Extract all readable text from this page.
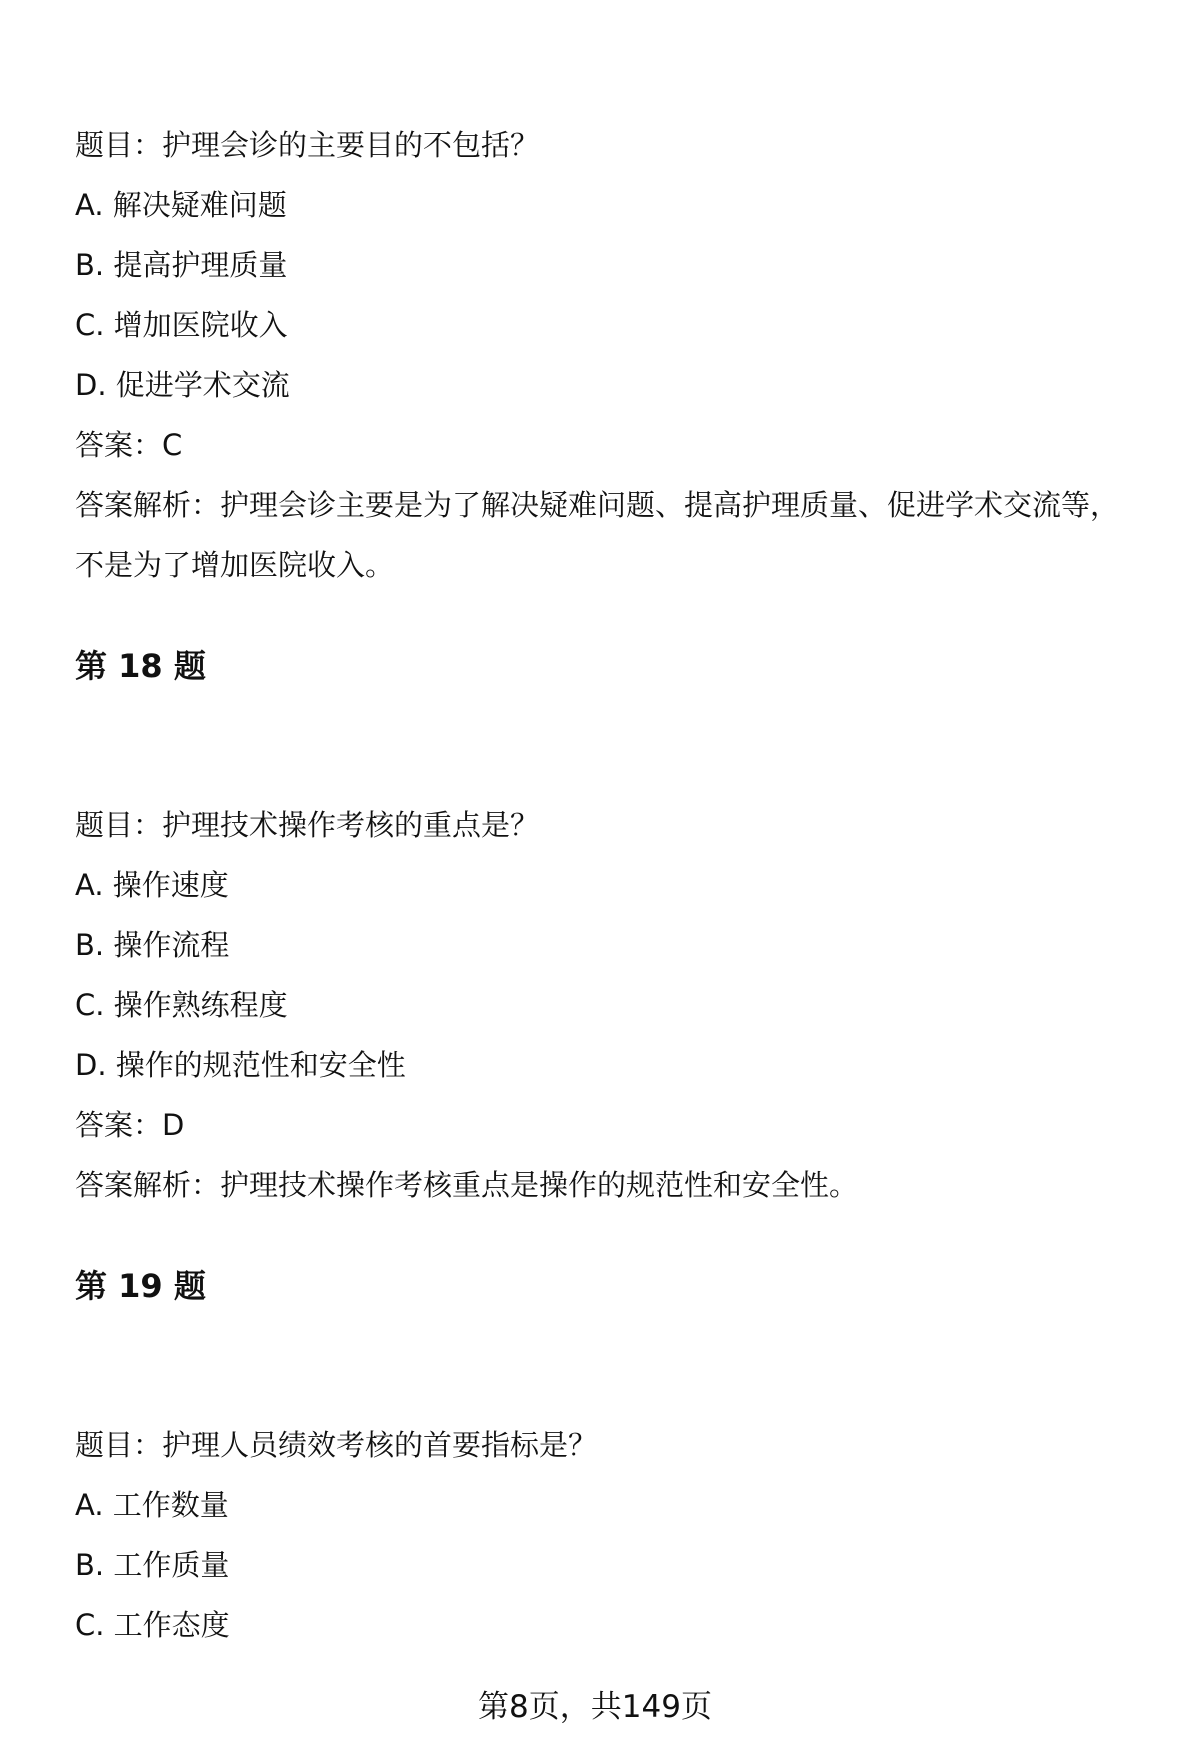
题目：护理会诊的主要目的不包括？

A. 解决疑难问题

B. 提高护理质量

C. 增加医院收入

D. 促进学术交流

答案：C

答案解析：护理会诊主要是为了解决疑难问题、提高护理质量、促进学术交流等，

不是为了增加医院收入。

第 18 题

题目：护理技术操作考核的重点是？

A. 操作速度

B. 操作流程

C. 操作熟练程度

D. 操作的规范性和安全性

答案：D

答案解析：护理技术操作考核重点是操作的规范性和安全性。

第 19 题

题目：护理人员绩效考核的首要指标是？

A. 工作数量

B. 工作质量

C. 工作态度

第8页，共149页
